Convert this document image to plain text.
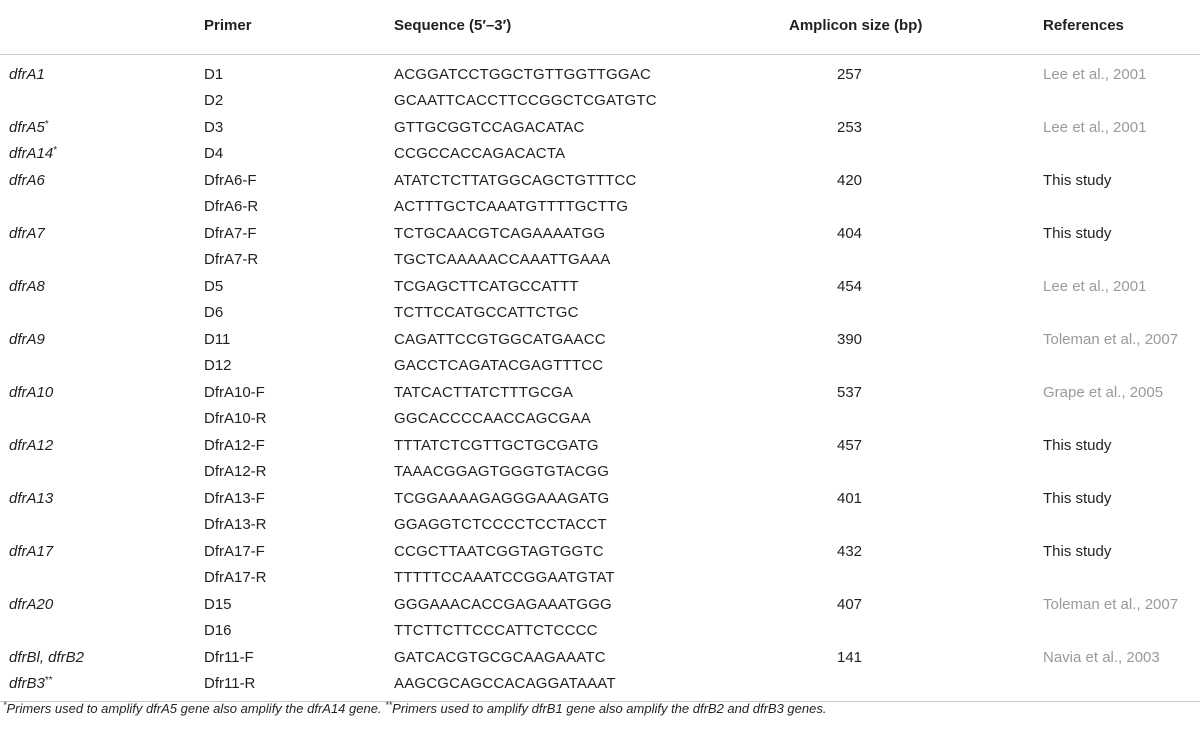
	Primer	Sequence (5′–3′)	Amplicon size (bp)	References
dfrA1	D1	ACGGATCCTGGCTGTTGGTTGGAC	257	Lee et al., 2001
	D2	GCAATTCACCTTCCGGCTCGATGTC		
dfrA5*	D3	GTTGCGGTCCAGACATAC	253	Lee et al., 2001
dfrA14*	D4	CCGCCACCAGACACTA		
dfrA6	DfrA6-F	ATATCTCTTATGGCAGCTGTTTCC	420	This study
	DfrA6-R	ACTTTGCTCAAATGTTTTGCTTG		
dfrA7	DfrA7-F	TCTGCAACGTCAGAAAATGG	404	This study
	DfrA7-R	TGCTCAAAAACCAAATTGAAA		
dfrA8	D5	TCGAGCTTCATGCCATTT	454	Lee et al., 2001
	D6	TCTTCCATGCCATTCTGC		
dfrA9	D11	CAGATTCCGTGGCATGAACC	390	Toleman et al., 2007
	D12	GACCTCAGATACGAGTTTCC		
dfrA10	DfrA10-F	TATCACTTATCTTTGCGA	537	Grape et al., 2005
	DfrA10-R	GGCACCCCAACCAGCGAA		
dfrA12	DfrA12-F	TTTATCTCGTTGCTGCGATG	457	This study
	DfrA12-R	TAAACGGAGTGGGTGTACGG		
dfrA13	DfrA13-F	TCGGAAAAGAGGGAAAGATG	401	This study
	DfrA13-R	GGAGGTCTCCCCTCCTACCT		
dfrA17	DfrA17-F	CCGCTTAATCGGTAGTGGTC	432	This study
	DfrA17-R	TTTTTCCAAATCCGGAATGTAT		
dfrA20	D15	GGGAAACACCGAGAAATGGG	407	Toleman et al., 2007
	D16	TTCTTCTTCCCATTCTCCCC		
dfrBl, dfrB2	Dfr11-F	GATCACGTGCGCAAGAAATC	141	Navia et al., 2003
dfrB3**	Dfr11-R	AAGCGCAGCCACAGGATAAAT		
*Primers used to amplify dfrA5 gene also amplify the dfrA14 gene. **Primers used to amplify dfrB1 gene also amplify the dfrB2 and dfrB3 genes.
